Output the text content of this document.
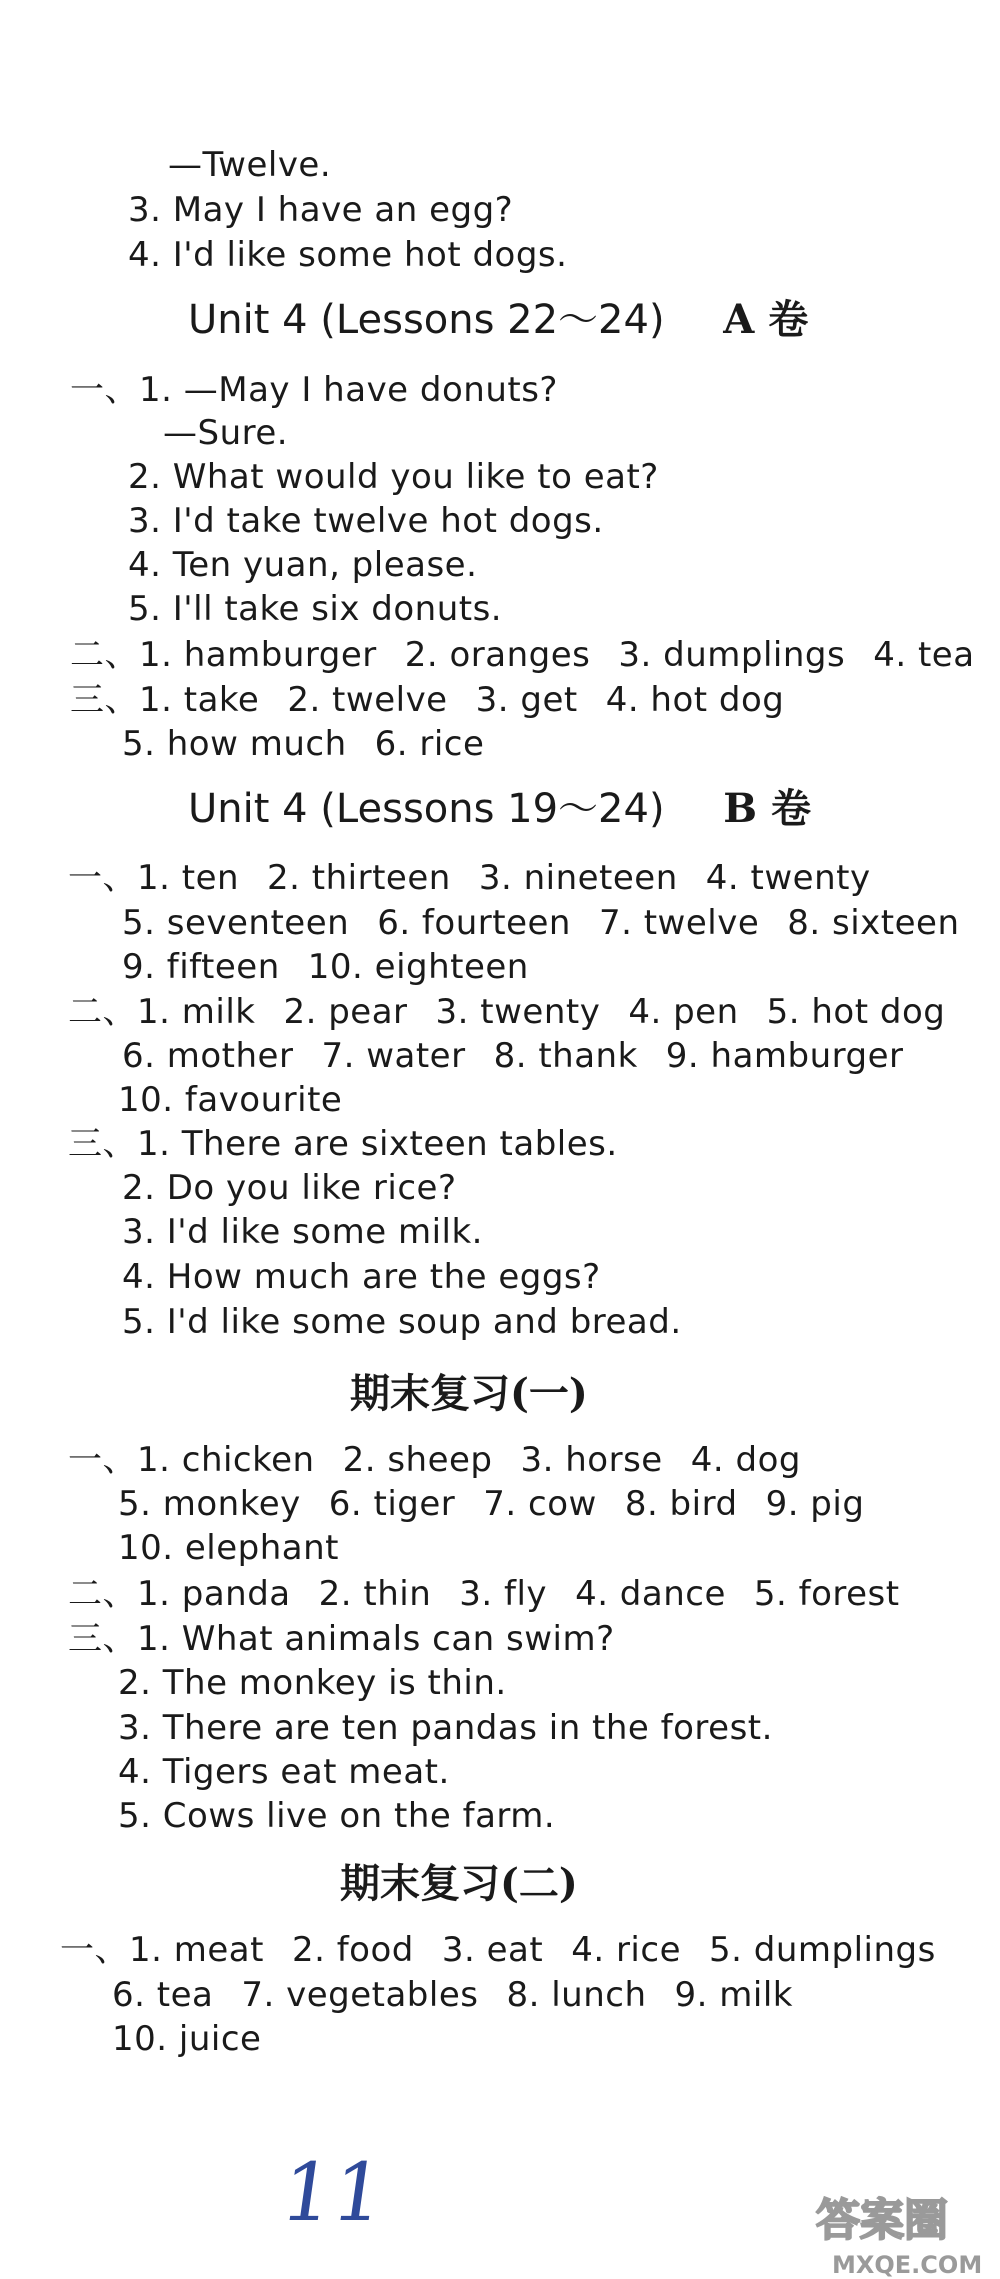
—Twelve.
3. May I have an egg?
4. I'd like some hot dogs.
Unit 4 (Lessons 22～24) A 卷
一、1. —May I have donuts?
—Sure.
2. What would you like to eat?
3. I'd take twelve hot dogs.
4. Ten yuan, please.
5. I'll take six donuts.
二、1. hamburger 2. oranges 3. dumplings 4. tea
三、1. take 2. twelve 3. get 4. hot dog
5. how much 6. rice
Unit 4 (Lessons 19～24) B 卷
一、1. ten 2. thirteen 3. nineteen 4. twenty
5. seventeen 6. fourteen 7. twelve 8. sixteen
9. fifteen 10. eighteen
二、1. milk 2. pear 3. twenty 4. pen 5. hot dog
6. mother 7. water 8. thank 9. hamburger
10. favourite
三、1. There are sixteen tables.
2. Do you like rice?
3. I'd like some milk.
4. How much are the eggs?
5. I'd like some soup and bread.
期末复习(一)
一、1. chicken 2. sheep 3. horse 4. dog
5. monkey 6. tiger 7. cow 8. bird 9. pig
10. elephant
二、1. panda 2. thin 3. fly 4. dance 5. forest
三、1. What animals can swim?
2. The monkey is thin.
3. There are ten pandas in the forest.
4. Tigers eat meat.
5. Cows live on the farm.
期末复习(二)
一、1. meat 2. food 3. eat 4. rice 5. dumplings
6. tea 7. vegetables 8. lunch 9. milk
10. juice
11	答案圈
MXQE.COM
